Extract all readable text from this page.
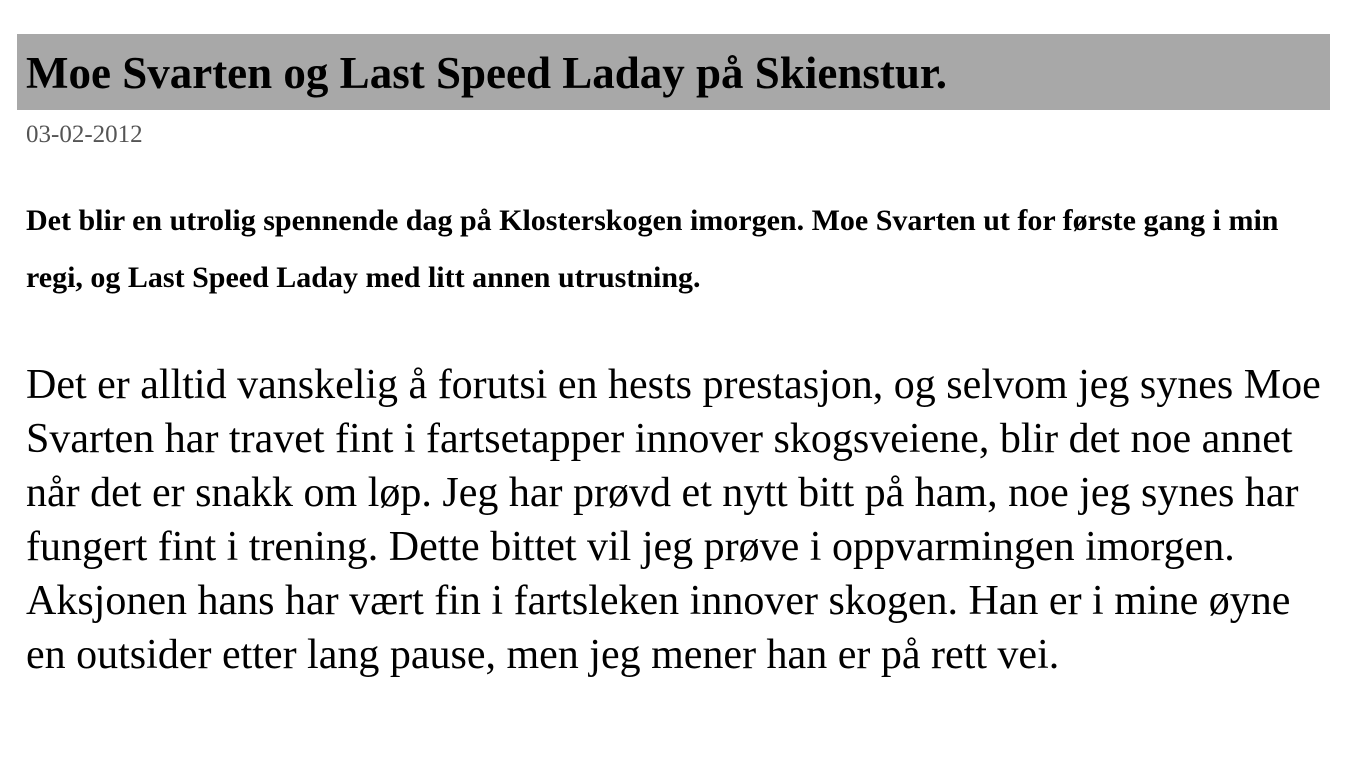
Moe Svarten og Last Speed Laday på Skienstur.
03-02-2012
Det blir en utrolig spennende dag på Klosterskogen imorgen. Moe Svarten ut for første gang i min regi, og Last Speed Laday med litt annen utrustning.

Det er alltid vanskelig å forutsi en hests prestasjon, og selvom jeg synes Moe Svarten har travet fint i fartsetapper innover skogsveiene, blir det noe annet når det er snakk om løp. Jeg har prøvd et nytt bitt på ham, noe jeg synes har fungert fint i trening. Dette bittet vil jeg prøve i oppvarmingen imorgen. Aksjonen hans har vært fin i fartsleken innover skogen. Han er i mine øyne en outsider etter lang pause, men jeg mener han er på rett vei.
